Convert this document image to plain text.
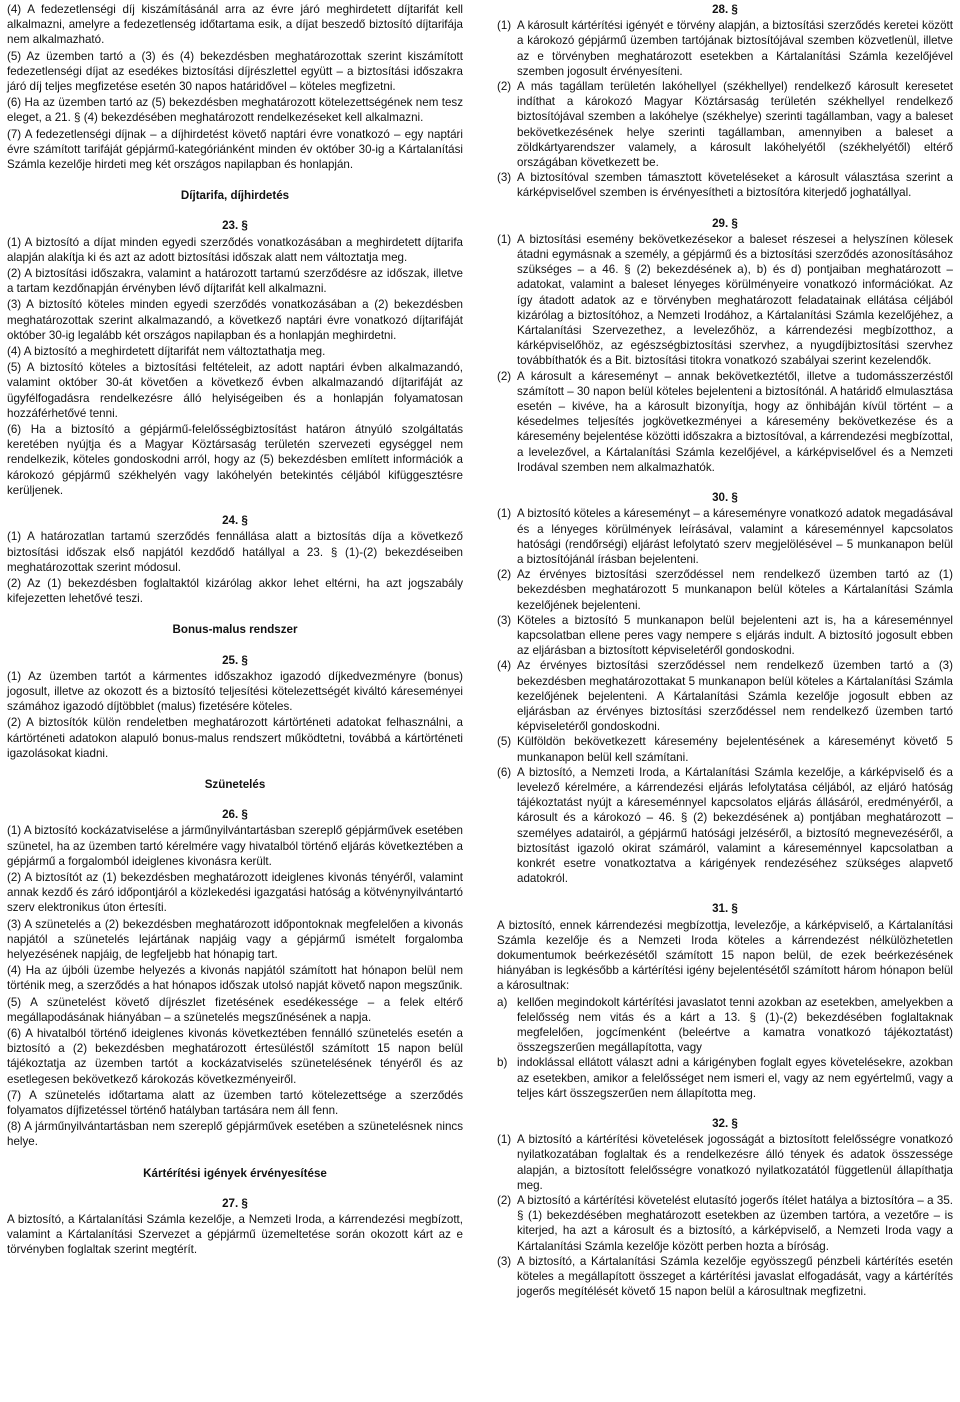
(4) A fedezetlenségi díj kiszámításánál arra az évre járó meghirdetett díjtarifát kell alkalmazni, amelyre a fedezetlenség időtartama esik, a díjat beszedő biztosító díjtarifája nem alkalmazható.

(5) Az üzemben tartó a (3) és (4) bekezdésben meghatározottak szerint kiszámított fedezetlenségi díjat az esedékes biztosítási díjrészlettel együtt – a biztosítási időszakra járó díj teljes megfizetése esetén 30 napos határidővel – köteles megfizetni.

(6) Ha az üzemben tartó az (5) bekezdésben meghatározott kötelezettségének nem tesz eleget, a 21. § (4) bekezdésében meghatározott rendelkezéseket kell alkalmazni.

(7) A fedezetlenségi díjnak – a díjhirdetést követő naptári évre vonatkozó – egy naptári évre számított tarifáját gépjármű-kategóriánként minden év október 30-ig a Kártalanítási Számla kezelője hirdeti meg két országos napilapban és honlapján.

Díjtarifa, díjhirdetés
23. §

(1) A biztosító a díjat minden egyedi szerződés vonatkozásában a meghirdetett díjtarifa alapján alakítja ki és azt az adott biztosítási időszak alatt nem változtatja meg.

(2) A biztosítási időszakra, valamint a határozott tartamú szerződésre az időszak, illetve a tartam kezdőnapján érvényben lévő díjtarifát kell alkalmazni.

(3) A biztosító köteles minden egyedi szerződés vonatkozásában a (2) bekezdésben meghatározottak szerint alkalmazandó, a következő naptári évre vonatkozó díjtarifáját október 30-ig legalább két országos napilapban és a honlapján meghirdetni.

(4) A biztosító a meghirdetett díjtarifát nem változtathatja meg.

(5) A biztosító köteles a biztosítási feltételeit, az adott naptári évben alkalmazandó, valamint október 30-át követően a következő évben alkalmazandó díjtarifáját az ügyfélfogadásra rendelkezésre álló helyiségeiben és a honlapján folyamatosan hozzáférhetővé tenni.

(6) Ha a biztosító a gépjármű-felelősségbiztosítást határon átnyúló szolgáltatás keretében nyújtja és a Magyar Köztársaság területén szervezeti egységgel nem rendelkezik, köteles gondoskodni arról, hogy az (5) bekezdésben említett információk a károkozó gépjármű székhelyén vagy lakóhelyén betekintés céljából kifüggesztésre kerüljenek.

24. §

(1) A határozatlan tartamú szerződés fennállása alatt a biztosítás díja a következő biztosítási időszak első napjától kezdődő hatállyal a 23. § (1)-(2) bekezdéseiben meghatározottak szerint módosul.

(2) Az (1) bekezdésben foglaltaktól kizárólag akkor lehet eltérni, ha azt jogszabály kifejezetten lehetővé teszi.

Bonus-malus rendszer
25. §

(1) Az üzemben tartót a kármentes időszakhoz igazodó díjkedvezményre (bonus) jogosult, illetve az okozott és a biztosító teljesítési kötelezettségét kiváltó káreseményei számához igazodó díjtöbblet (malus) fizetésére köteles.

(2) A biztosítók külön rendeletben meghatározott kártörténeti adatokat felhasználni, a kártörténeti adatokon alapuló bonus-malus rendszert működtetni, továbbá a kártörténeti igazolásokat kiadni.

Szünetelés
26. §

(1) A biztosító kockázatviselése a járműnyilvántartásban szereplő gépjárművek esetében szünetel, ha az üzemben tartó kérelmére vagy hivatalból történő eljárás következtében a gépjármű a forgalomból ideiglenes kivonásra került.

(2) A biztosítót az (1) bekezdésben meghatározott ideiglenes kivonás tényéről, valamint annak kezdő és záró időpontjáról a közlekedési igazgatási hatóság a kötvénynyilvántartó szerv elektronikus úton értesíti.

(3) A szünetelés a (2) bekezdésben meghatározott időpontoknak megfelelően a kivonás napjától a szünetelés lejártának napjáig vagy a gépjármű ismételt forgalomba helyezésének napjáig, de legfeljebb hat hónapig tart.

(4) Ha az újbóli üzembe helyezés a kivonás napjától számított hat hónapon belül nem történik meg, a szerződés a hat hónapos időszak utolsó napját követő napon megszűnik.

(5) A szünetelést követő díjrészlet fizetésének esedékessége – a felek eltérő megállapodásának hiányában – a szünetelés megszűnésének a napja.

(6) A hivatalból történő ideiglenes kivonás következtében fennálló szünetelés esetén a biztosító a (2) bekezdésben meghatározott értesüléstől számított 15 napon belül tájékoztatja az üzemben tartót a kockázatviselés szünetelésének tényéről és az esetlegesen bekövetkező károkozás következményeiről.

(7) A szünetelés időtartama alatt az üzemben tartó kötelezettsége a szerződés folyamatos díjfizetéssel történő hatályban tartására nem áll fenn.

(8) A járműnyilvántartásban nem szereplő gépjárművek esetében a szünetelésnek nincs helye.

Kártérítési igények érvényesítése
27. §

A biztosító, a Kártalanítási Számla kezelője, a Nemzeti Iroda, a kárrendezési megbízott, valamint a Kártalanítási Szervezet a gépjármű üzemeltetése során okozott kárt az e törvényben foglaltak szerint megtérít.

28. §
(1) A károsult kártérítési igényét e törvény alapján, a biztosítási szerződés keretei között a károkozó gépjármű üzemben tartójának biztosítójával szemben közvetlenül, illetve az e törvényben meghatározott esetekben a Kártalanítási Számla kezelőjével szemben jogosult érvényesíteni.
(2) A más tagállam területén lakóhellyel (székhellyel) rendelkező károsult keresetet indíthat a károkozó Magyar Köztársaság területén székhellyel rendelkező biztosítójával szemben a lakóhelye (székhelye) szerinti tagállamban, vagy a baleset bekövetkezésének helye szerinti tagállamban, amennyiben a baleset a zöldkártyarendszer valamely, a károsult lakóhelyétől (székhelyétől) eltérő országában következett be.
(3) A biztosítóval szemben támasztott követeléseket a károsult választása szerint a kárképviselővel szemben is érvényesítheti a biztosítóra kiterjedő joghatállyal.
29. §
(1) A biztosítási esemény bekövetkezésekor a baleset részesei a helyszínen kölesek átadni egymásnak a személy, a gépjármű és a biztosítási szerződés azonosításához szükséges – a 46. § (2) bekezdésének a), b) és d) pontjaiban meghatározott – adatokat, valamint a baleset lényeges körülményeire vonatkozó információkat. Az így átadott adatok az e törvényben meghatározott feladatainak ellátása céljából kizárólag a biztosítóhoz, a Nemzeti Irodához, a Kártalanítási Számla kezelőjéhez, a Kártalanítási Szervezethez, a levelezőhöz, a kárrendezési megbízotthoz, a kárképviselőhöz, az egészségbiztosítási szervhez, a nyugdíjbiztosítási szervhez továbbíthatók és a Bit. biztosítási titokra vonatkozó szabályai szerint kezelendők.
(2) A károsult a káreseményt – annak bekövetkeztétől, illetve a tudomásszerzéstől számított – 30 napon belül köteles bejelenteni a biztosítónál. A határidő elmulasztása esetén – kivéve, ha a károsult bizonyítja, hogy az önhibáján kívül történt – a késedelmes teljesítés jogkövetkezményei a káresemény bekövetkezése és a káresemény bejelentése közötti időszakra a biztosítóval, a kárrendezési megbízottal, a levelezővel, a Kártalanítási Számla kezelőjével, a kárképviselővel és a Nemzeti Irodával szemben nem alkalmazhatók.
30. §
(1) A biztosító köteles a káreseményt – a káreseményre vonatkozó adatok megadásával és a lényeges körülmények leírásával, valamint a káreseménnyel kapcsolatos hatósági (rendőrségi) eljárást lefolytató szerv megjelölésével – 5 munkanapon belül a biztosítójánál írásban bejelenteni.
(2) Az érvényes biztosítási szerződéssel nem rendelkező üzemben tartó az (1) bekezdésben meghatározott 5 munkanapon belül köteles a Kártalanítási Számla kezelőjének bejelenteni.
(3) Köteles a biztosító 5 munkanapon belül bejelenteni azt is, ha a káreseménnyel kapcsolatban ellene peres vagy nempere s eljárás indult. A biztosító jogosult ebben az eljárásban a biztosított képviseletéről gondoskodni.
(4) Az érvényes biztosítási szerződéssel nem rendelkező üzemben tartó a (3) bekezdésben meghatározottakat 5 munkanapon belül köteles a Kártalanítási Számla kezelőjének bejelenteni. A Kártalanítási Számla kezelője jogosult ebben az eljárásban az érvényes biztosítási szerződéssel nem rendelkező üzemben tartó képviseletéről gondoskodni.
(5) Külföldön bekövetkezett káresemény bejelentésének a káreseményt követő 5 munkanapon belül kell számítani.
(6) A biztosító, a Nemzeti Iroda, a Kártalanítási Számla kezelője, a kárképviselő és a levelező kérelmére, a kárrendezési eljárás lefolytatása céljából, az eljáró hatóság tájékoztatást nyújt a káreseménnyel kapcsolatos eljárás állásáról, eredményéről, a károsult és a károkozó – 46. § (2) bekezdésének a) pontjában meghatározott – személyes adatairól, a gépjármű hatósági jelzéséről, a biztosító megnevezéséről, a biztosítást igazoló okirat számáról, valamint a káreseménnyel kapcsolatban a konkrét esetre vonatkoztatva a kárigények rendezéséhez szükséges alapvető adatokról.
31. §

A biztosító, ennek kárrendezési megbízottja, levelezője, a kárképviselő, a Kártalanítási Számla kezelője és a Nemzeti Iroda köteles a kárrendezést nélkülözhetetlen dokumentumok beérkezésétől számított 15 napon belül, de ezek beérkezésének hiányában is legkésőbb a kártérítési igény bejelentésétől számított három hónapon belül a károsultnak:

a) kellően megindokolt kártérítési javaslatot tenni azokban az esetekben, amelyekben a felelősség nem vitás és a kárt a 13. § (1)-(2) bekezdésében foglaltaknak megfelelően, jogcímenként (beleértve a kamatra vonatkozó tájékoztatást) összegszerűen megállapította, vagy
b) indoklással ellátott választ adni a kárigényben foglalt egyes követelésekre, azokban az esetekben, amikor a felelősséget nem ismeri el, vagy az nem egyértelmű, vagy a teljes kárt összegszerűen nem állapította meg.
32. §
(1) A biztosító a kártérítési követelések jogosságát a biztosított felelősségre vonatkozó nyilatkozatában foglaltak és a rendelkezésre álló tények és adatok összessége alapján, a biztosított felelősségre vonatkozó nyilatkozatától függetlenül állapíthatja meg.
(2) A biztosító a kártérítési követelést elutasító jogerős ítélet hatálya a biztosítóra – a 35. § (1) bekezdésében meghatározott esetekben az üzemben tartóra, a vezetőre – is kiterjed, ha azt a károsult és a biztosító, a kárképviselő, a Nemzeti Iroda vagy a Kártalanítási Számla kezelője között perben hozta a bíróság.
(3) A biztosító, a Kártalanítási Számla kezelője egyösszegű pénzbeli kártérítés esetén köteles a megállapított összeget a kártérítési javaslat elfogadását, vagy a kártérítés jogerős megítélését követő 15 napon belül a károsultnak megfizetni.
